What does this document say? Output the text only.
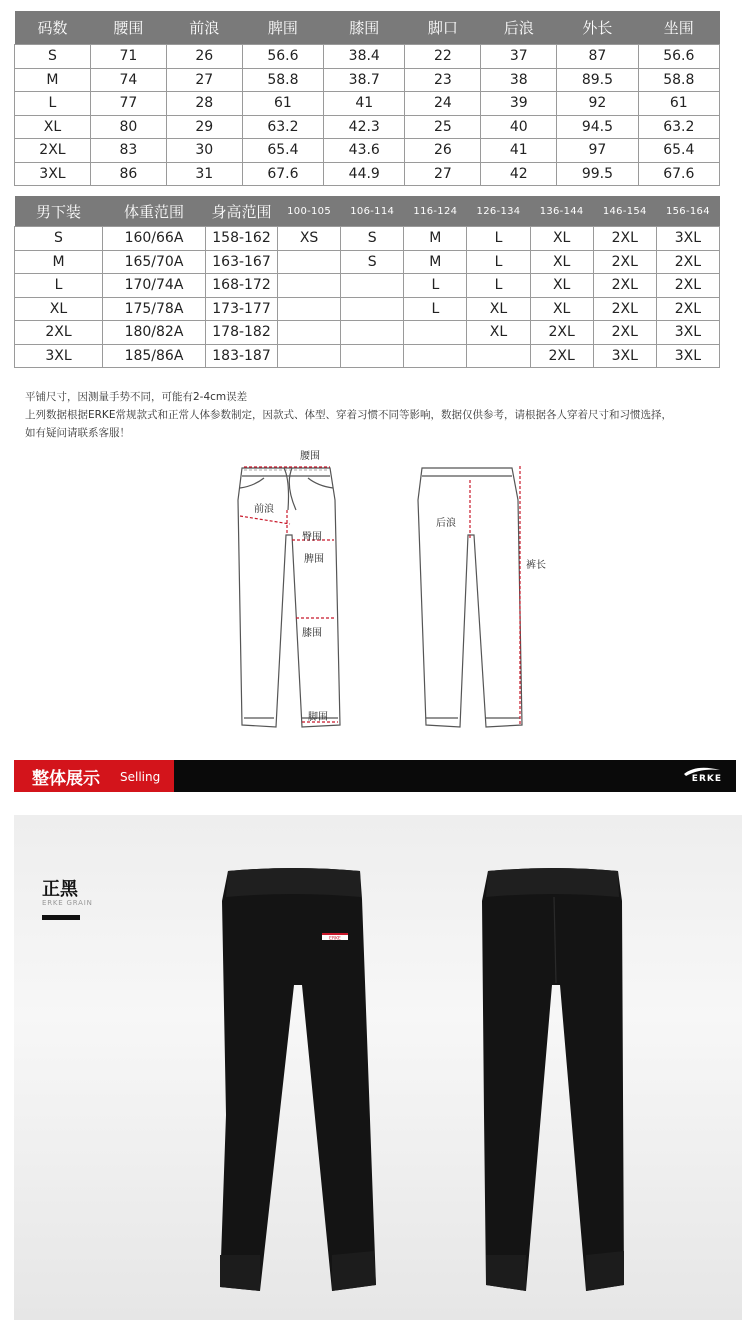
码数	腰围	前浪	脾围	膝围	脚口	后浪	外长	坐围
S	71	26	56.6	38.4	22	37	87	56.6
M	74	27	58.8	38.7	23	38	89.5	58.8
L	77	28	61	41	24	39	92	61
XL	80	29	63.2	42.3	25	40	94.5	63.2
2XL	83	30	65.4	43.6	26	41	97	65.4
3XL	86	31	67.6	44.9	27	42	99.5	67.6
男下装	体重范围	身高范围	100-105	106-114	116-124	126-134	136-144	146-154	156-164
S	160/66A	158-162	XS	S	M	L	XL	2XL	3XL
M	165/70A	163-167		S	M	L	XL	2XL	2XL
L	170/74A	168-172			L	L	XL	2XL	2XL
XL	175/78A	173-177			L	XL	XL	2XL	2XL
2XL	180/82A	178-182				XL	2XL	2XL	3XL
3XL	185/86A	183-187					2XL	3XL	3XL

平铺尺寸，因测量手势不同，可能有2-4cm误差

上列数据根据ERKE常规款式和正常人体参数制定，因款式、体型、穿着习惯不同等影响，数据仅供参考，请根据各人穿着尺寸和习惯选择，

如有疑问请联系客服！

腰围
前浪
臀围
脾围
膝围
脚围
后浪
裤长
整体展示 Selling	ERKE
正黑
ERKE GRAIN
ERKE
